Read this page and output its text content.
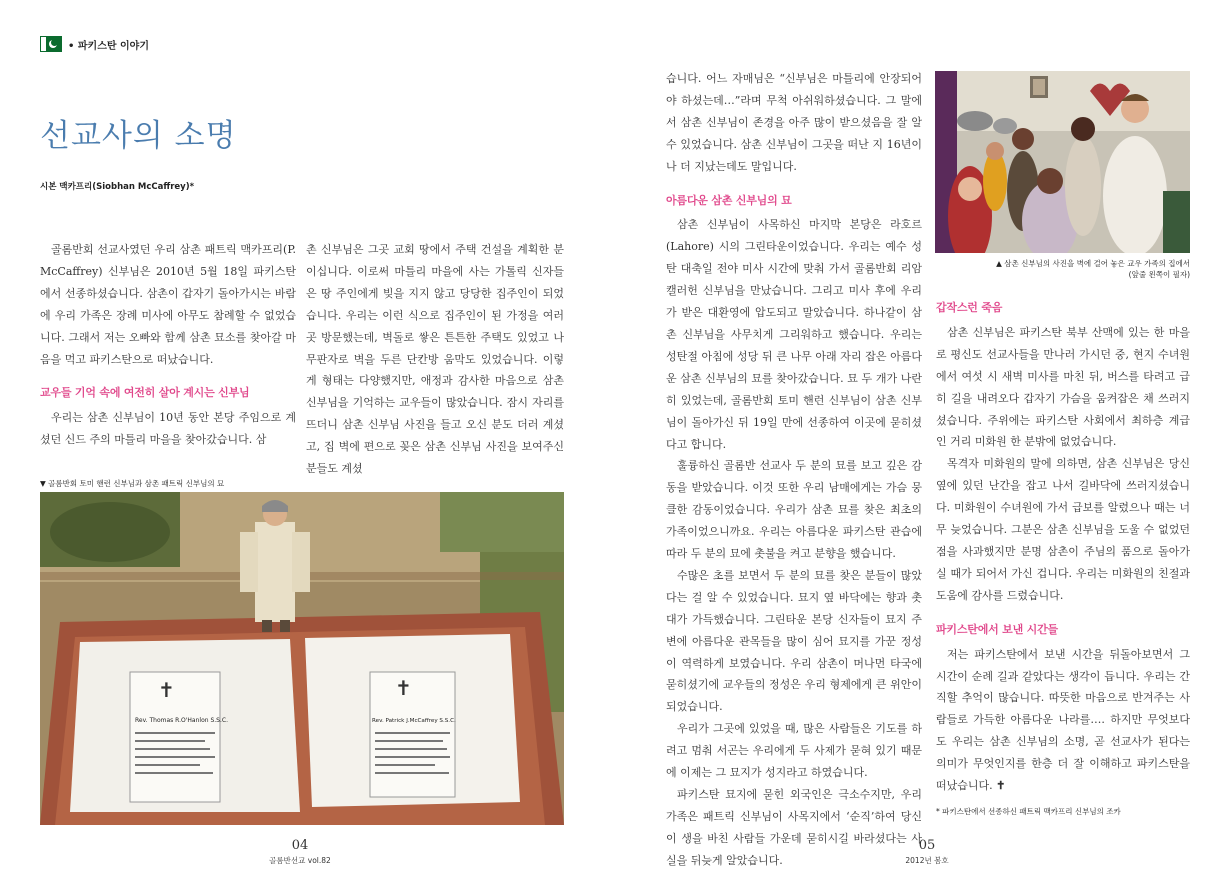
• 파키스탄 이야기
선교사의 소명
시본 맥카프리(Siobhan McCaffrey)*

골롬반회 선교사였던 우리 삼촌 패트릭 맥카프리(P. McCaffrey) 신부님은 2010년 5월 18일 파키스탄에서 선종하셨습니다. 삼촌이 갑자기 돌아가시는 바람에 우리 가족은 장례 미사에 아무도 참례할 수 없었습니다. 그래서 저는 오빠와 함께 삼촌 묘소를 찾아갈 마음을 먹고 파키스탄으로 떠났습니다.

교우들 기억 속에 여전히 살아 계시는 신부님

우리는 삼촌 신부님이 10년 동안 본당 주임으로 계셨던 신드 주의 마틀리 마을을 찾아갔습니다. 삼

촌 신부님은 그곳 교회 땅에서 주택 건설을 계획한 분이십니다. 이로써 마틀리 마을에 사는 가톨릭 신자들은 땅 주인에게 빚을 지지 않고 당당한 집주인이 되었습니다. 우리는 이런 식으로 집주인이 된 가정을 여러 곳 방문했는데, 벽돌로 쌓은 튼튼한 주택도 있었고 나무판자로 벽을 두른 단칸방 움막도 있었습니다. 이렇게 형태는 다양했지만, 애정과 감사한 마음으로 삼촌 신부님을 기억하는 교우들이 많았습니다. 잠시 자리를 뜨더니 삼촌 신부님 사진을 들고 오신 분도 더러 계셨고, 집 벽에 편으로 꽂은 삼촌 신부님 사진을 보여주신 분들도 계셨

▼ 골롬반회 토미 핸런 신부님과 삼촌 패트릭 신부님의 묘
✝	✝
Rev. Thomas R.O'Hanlon S.S.C.	Rev. Patrick J.McCaffrey S.S.C.
04
골롬반선교 vol.82

습니다. 어느 자매님은 “신부님은 마틀리에 안장되어야 하셨는데…”라며 무척 아쉬워하셨습니다. 그 말에서 삼촌 신부님이 존경을 아주 많이 받으셨음을 잘 알 수 있었습니다. 삼촌 신부님이 그곳을 떠난 지 16년이나 더 지났는데도 말입니다.

아름다운 삼촌 신부님의 묘

삼촌 신부님이 사목하신 마지막 본당은 라호르(Lahore) 시의 그린타운이었습니다. 우리는 예수 성탄 대축일 전야 미사 시간에 맞춰 가서 골롬반회 리암 캘러헌 신부님을 만났습니다. 그리고 미사 후에 우리가 받은 대환영에 압도되고 말았습니다. 하나같이 삼촌 신부님을 사무치게 그리워하고 했습니다. 우리는 성탄절 아침에 성당 뒤 큰 나무 아래 자리 잡은 아름다운 삼촌 신부님의 묘를 찾아갔습니다. 묘 두 개가 나란히 있었는데, 골롬반회 토미 핸런 신부님이 삼촌 신부님이 돌아가신 뒤 19일 만에 선종하여 이곳에 묻히셨다고 합니다.

훌륭하신 골롬반 선교사 두 분의 묘를 보고 깊은 감동을 받았습니다. 이것 또한 우리 남매에게는 가슴 뭉클한 감동이었습니다. 우리가 삼촌 묘를 찾은 최초의 가족이었으니까요. 우리는 아름다운 파키스탄 관습에 따라 두 분의 묘에 촛불을 켜고 분향을 했습니다.

수많은 초를 보면서 두 분의 묘를 찾은 분들이 많았다는 걸 알 수 있었습니다. 묘지 옆 바닥에는 향과 촛대가 가득했습니다. 그린타운 본당 신자들이 묘지 주변에 아름다운 관목들을 많이 심어 묘지를 가꾼 정성이 역력하게 보였습니다. 우리 삼촌이 머나먼 타국에 묻히셨기에 교우들의 정성은 우리 형제에게 큰 위안이 되었습니다.

우리가 그곳에 있었을 때, 많은 사람들은 기도를 하려고 멈춰 서곤는 우리에게 두 사제가 묻혀 있기 때문에 이제는 그 묘지가 성지라고 하였습니다.

파키스탄 묘지에 묻힌 외국인은 극소수지만, 우리 가족은 패트릭 신부님이 사목지에서 ‘순직’하여 당신이 생을 바친 사람들 가운데 묻히시길 바라셨다는 사실을 뒤늦게 알았습니다.

▲ 삼촌 신부님의 사진을 벽에 걸어 놓은 교우 가족의 집에서
(앞줄 왼쪽이 필자)

갑작스런 죽음

삼촌 신부님은 파키스탄 북부 산맥에 있는 한 마을로 평신도 선교사들을 만나러 가시던 중, 현지 수녀원에서 여섯 시 새벽 미사를 마친 뒤, 버스를 타려고 급히 길을 내려오다 갑자기 가슴을 움켜잡은 채 쓰러지셨습니다. 주위에는 파키스탄 사회에서 최하층 계급인 거리 미화원 한 분밖에 없었습니다.

목격자 미화원의 말에 의하면, 삼촌 신부님은 당신 옆에 있던 난간을 잡고 나서 길바닥에 쓰러지셨습니다. 미화원이 수녀원에 가서 급보를 알렸으나 때는 너무 늦었습니다. 그분은 삼촌 신부님을 도울 수 없었던 점을 사과했지만 분명 삼촌이 주님의 품으로 돌아가실 때가 되어서 가신 겁니다. 우리는 미화원의 친절과 도움에 감사를 드렸습니다.

파키스탄에서 보낸 시간들

저는 파키스탄에서 보낸 시간을 뒤돌아보면서 그 시간이 순례 길과 같았다는 생각이 듭니다. 우리는 간직할 추억이 많습니다. 따뜻한 마음으로 반겨주는 사람들로 가득한 아름다운 나라를…. 하지만 무엇보다도 우리는 삼촌 신부님의 소명, 곧 선교사가 된다는 의미가 무엇인지를 한층 더 잘 이해하고 파키스탄을 떠났습니다. ✝

* 파키스탄에서 선종하신 패트릭 맥카프리 신부님의 조카
05
2012년 봄호
